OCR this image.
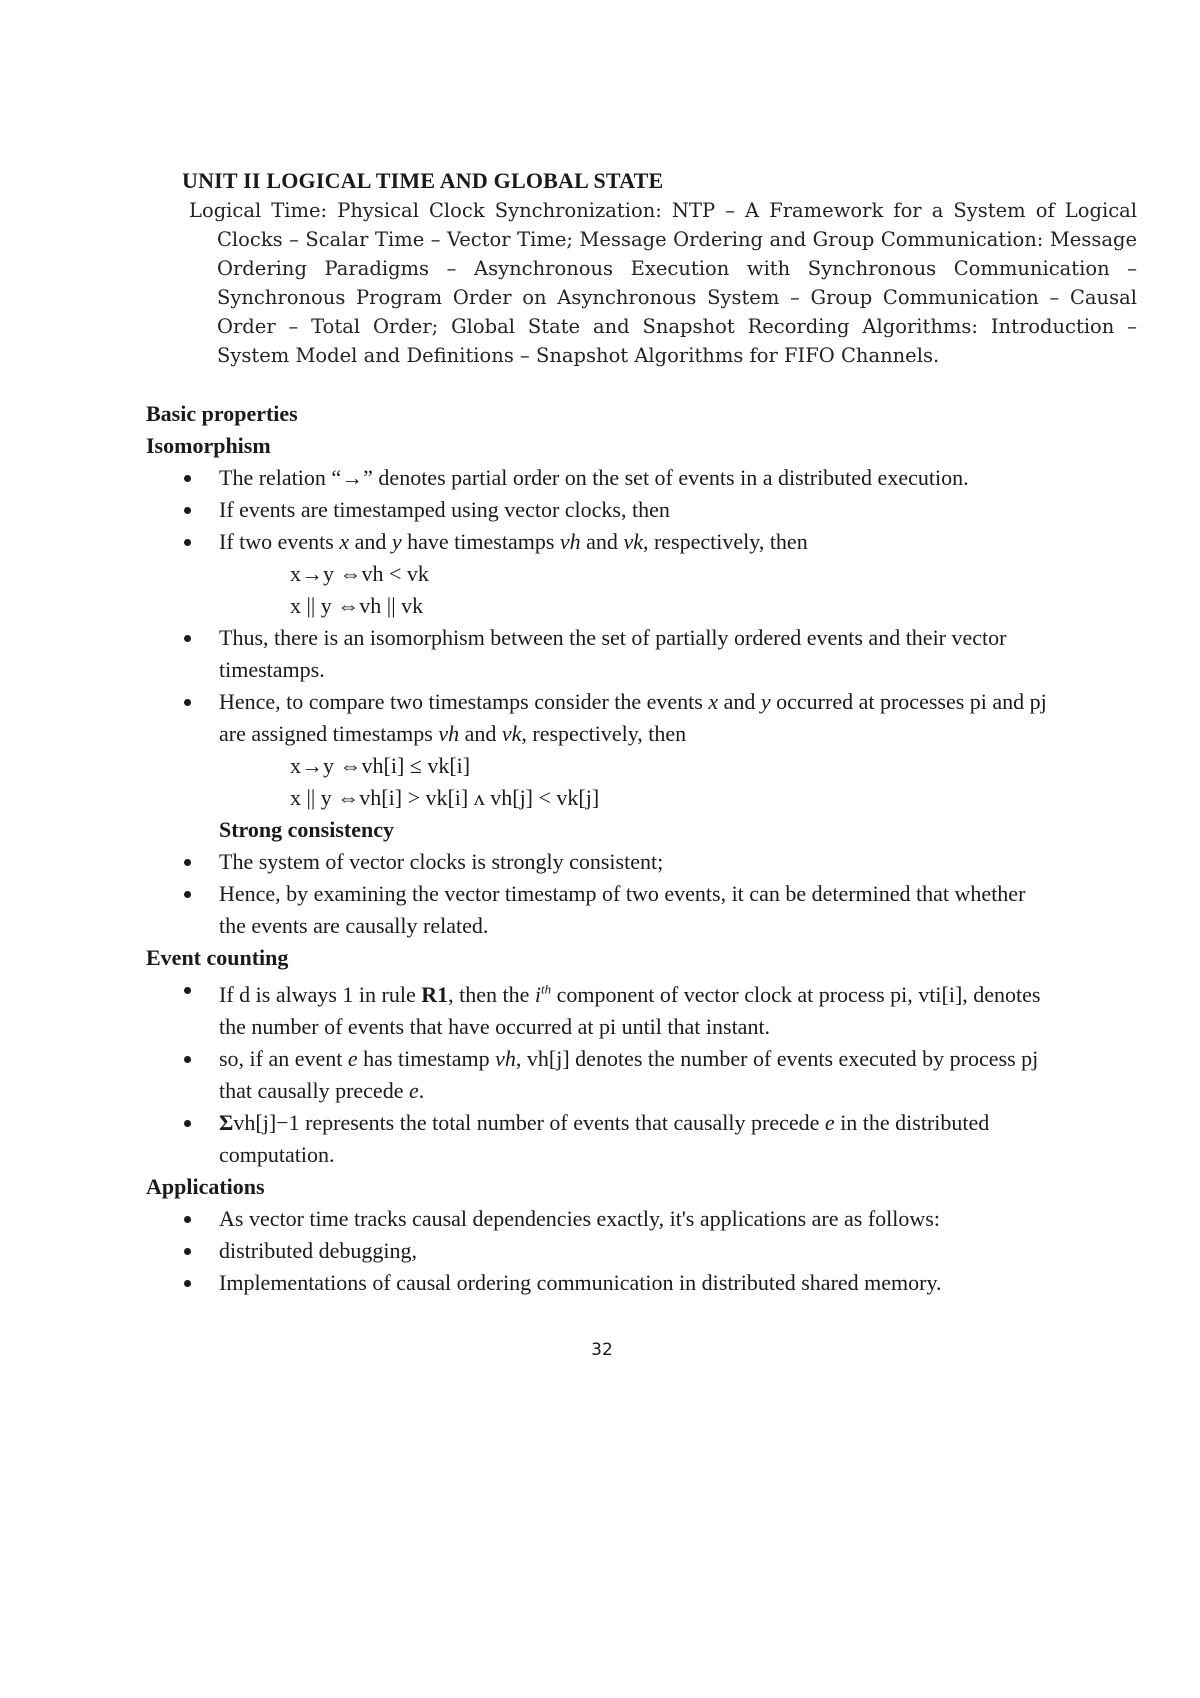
UNIT II LOGICAL TIME AND GLOBAL STATE

Logical Time: Physical Clock Synchronization: NTP – A Framework for a System of Logical Clocks – Scalar Time – Vector Time; Message Ordering and Group Communication: Message Ordering Paradigms – Asynchronous Execution with Synchronous Communication – Synchronous Program Order on Asynchronous System – Group Communication – Causal Order – Total Order; Global State and Snapshot Recording Algorithms: Introduction – System Model and Definitions – Snapshot Algorithms for FIFO Channels.

Basic properties
Isomorphism
The relation “→” denotes partial order on the set of events in a distributed execution.
If events are timestamped using vector clocks, then
If two events x and y have timestamps vh and vk, respectively, then
x→y ⇔vh < vk
x || y ⇔vh || vk
Thus, there is an isomorphism between the set of partially ordered events and their vector timestamps.
Hence, to compare two timestamps consider the events x and y occurred at processes pi and pj are assigned timestamps vh and vk, respectively, then
x→y ⇔vh[i] ≤ vk[i]
x || y ⇔vh[i] > vk[i] ʌ vh[j] < vk[j]
Strong consistency
The system of vector clocks is strongly consistent;
Hence, by examining the vector timestamp of two events, it can be determined that whether the events are causally related.
Event counting
If d is always 1 in rule R1, then the $i^{th}$ component of vector clock at process pi, vti[i], denotes the number of events that have occurred at pi until that instant.
so, if an event e has timestamp vh, vh[j] denotes the number of events executed by process pj that causally precede e.
Σvh[j]−1 represents the total number of events that causally precede e in the distributed computation.
Applications
As vector time tracks causal dependencies exactly, it's applications are as follows:
distributed debugging,
Implementations of causal ordering communication in distributed shared memory.
32
